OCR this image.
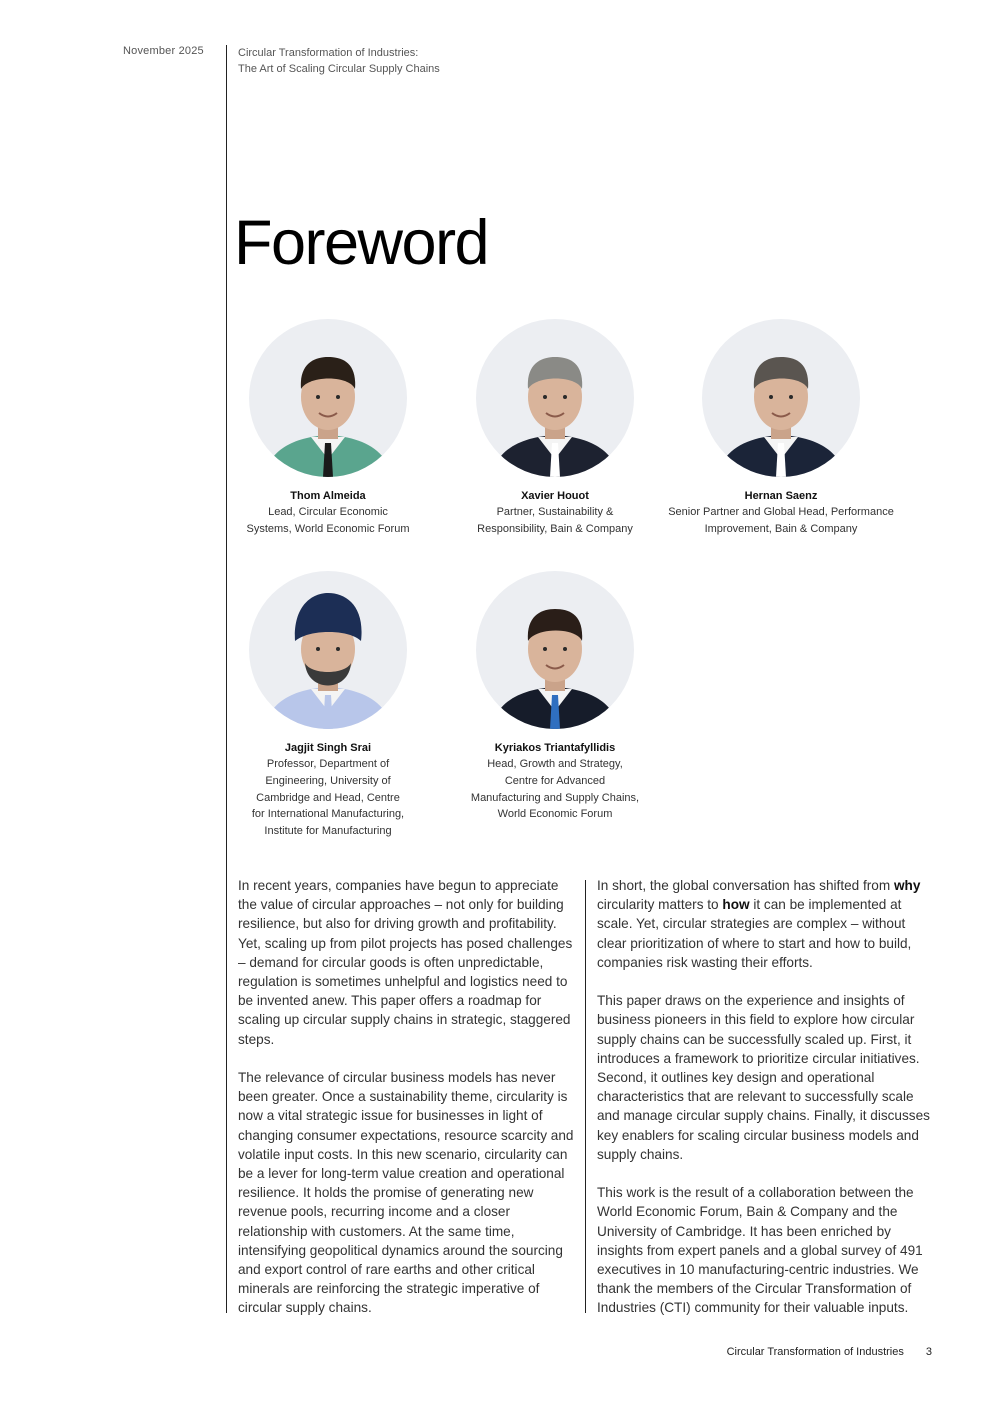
November 2025	Circular Transformation of Industries:
The Art of Scaling Circular Supply Chains
Foreword
Thom Almeida
Lead, Circular Economic
Systems, World Economic Forum
Xavier Houot
Partner, Sustainability &
Responsibility, Bain & Company
Hernan Saenz
Senior Partner and Global Head, Performance
Improvement, Bain & Company
Jagjit Singh Srai
Professor, Department of
Engineering, University of
Cambridge and Head, Centre
for International Manufacturing,
Institute for Manufacturing
Kyriakos Triantafyllidis
Head, Growth and Strategy,
Centre for Advanced
Manufacturing and Supply Chains,
World Economic Forum

In recent years, companies have begun to appreciate the value of circular approaches – not only for building resilience, but also for driving growth and profitability. Yet, scaling up from pilot projects has posed challenges – demand for circular goods is often unpredictable, regulation is sometimes unhelpful and logistics need to be invented anew. This paper offers a roadmap for scaling up circular supply chains in strategic, staggered steps.

The relevance of circular business models has never been greater. Once a sustainability theme, circularity is now a vital strategic issue for businesses in light of changing consumer expectations, resource scarcity and volatile input costs. In this new scenario, circularity can be a lever for long-term value creation and operational resilience. It holds the promise of generating new revenue pools, recurring income and a closer relationship with customers. At the same time, intensifying geopolitical dynamics around the sourcing and export control of rare earths and other critical minerals are reinforcing the strategic imperative of circular supply chains.

In short, the global conversation has shifted from why circularity matters to how it can be implemented at scale. Yet, circular strategies are complex – without clear prioritization of where to start and how to build, companies risk wasting their efforts.

This paper draws on the experience and insights of business pioneers in this field to explore how circular supply chains can be successfully scaled up. First, it introduces a framework to prioritize circular initiatives. Second, it outlines key design and operational characteristics that are relevant to successfully scale and manage circular supply chains. Finally, it discusses key enablers for scaling circular business models and supply chains.

This work is the result of a collaboration between the World Economic Forum, Bain & Company and the University of Cambridge. It has been enriched by insights from expert panels and a global survey of 491 executives in 10 manufacturing-centric industries. We thank the members of the Circular Transformation of Industries (CTI) community for their valuable inputs.

Circular Transformation of Industries 3
